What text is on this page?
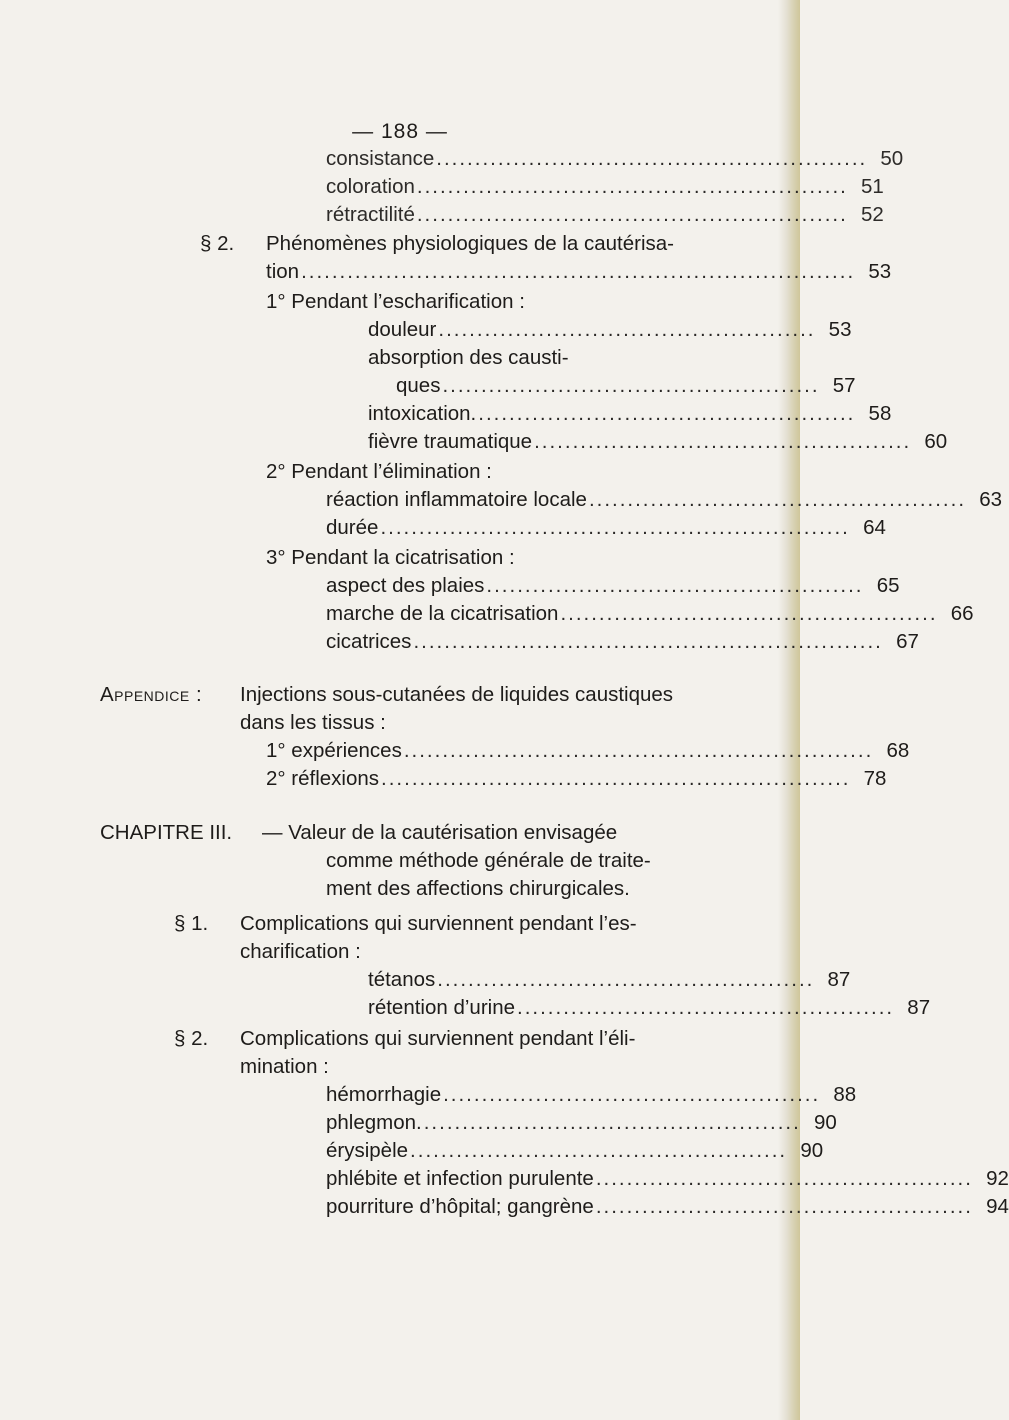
— 188 —
consistance ........................................................ 50
coloration ........................................................ 51
rétractilité ........................................................ 52
§ 2. Phénomènes physiologiques de la cautérisa-
tion ........................................................................ 53
1° Pendant l’escharification :
douleur ................................................. 53
absorption des causti-
ques ................................................. 57
intoxication. ................................................. 58
fièvre traumatique ................................................. 60
2° Pendant l’élimination :
réaction inflammatoire locale ................................................. 63
durée ............................................................. 64
3° Pendant la cicatrisation :
aspect des plaies ................................................. 65
marche de la cicatrisation ................................................. 66
cicatrices ............................................................. 67
Appendice : Injections sous-cutanées de liquides caustiques
dans les tissus :
1° expériences ............................................................. 68
2° réflexions ............................................................. 78
CHAPITRE III. — Valeur de la cautérisation envisagée
comme méthode générale de traite-
ment des affections chirurgicales.
§ 1. Complications qui surviennent pendant l’es-
charification :
tétanos ................................................. 87
rétention d’urine ................................................. 87
§ 2. Complications qui surviennent pendant l’éli-
mination :
hémorrhagie ................................................. 88
phlegmon. ................................................. 90
érysipèle ................................................. 90
phlébite et infection purulente ................................................. 92
pourriture d’hôpital; gangrène ................................................. 94
